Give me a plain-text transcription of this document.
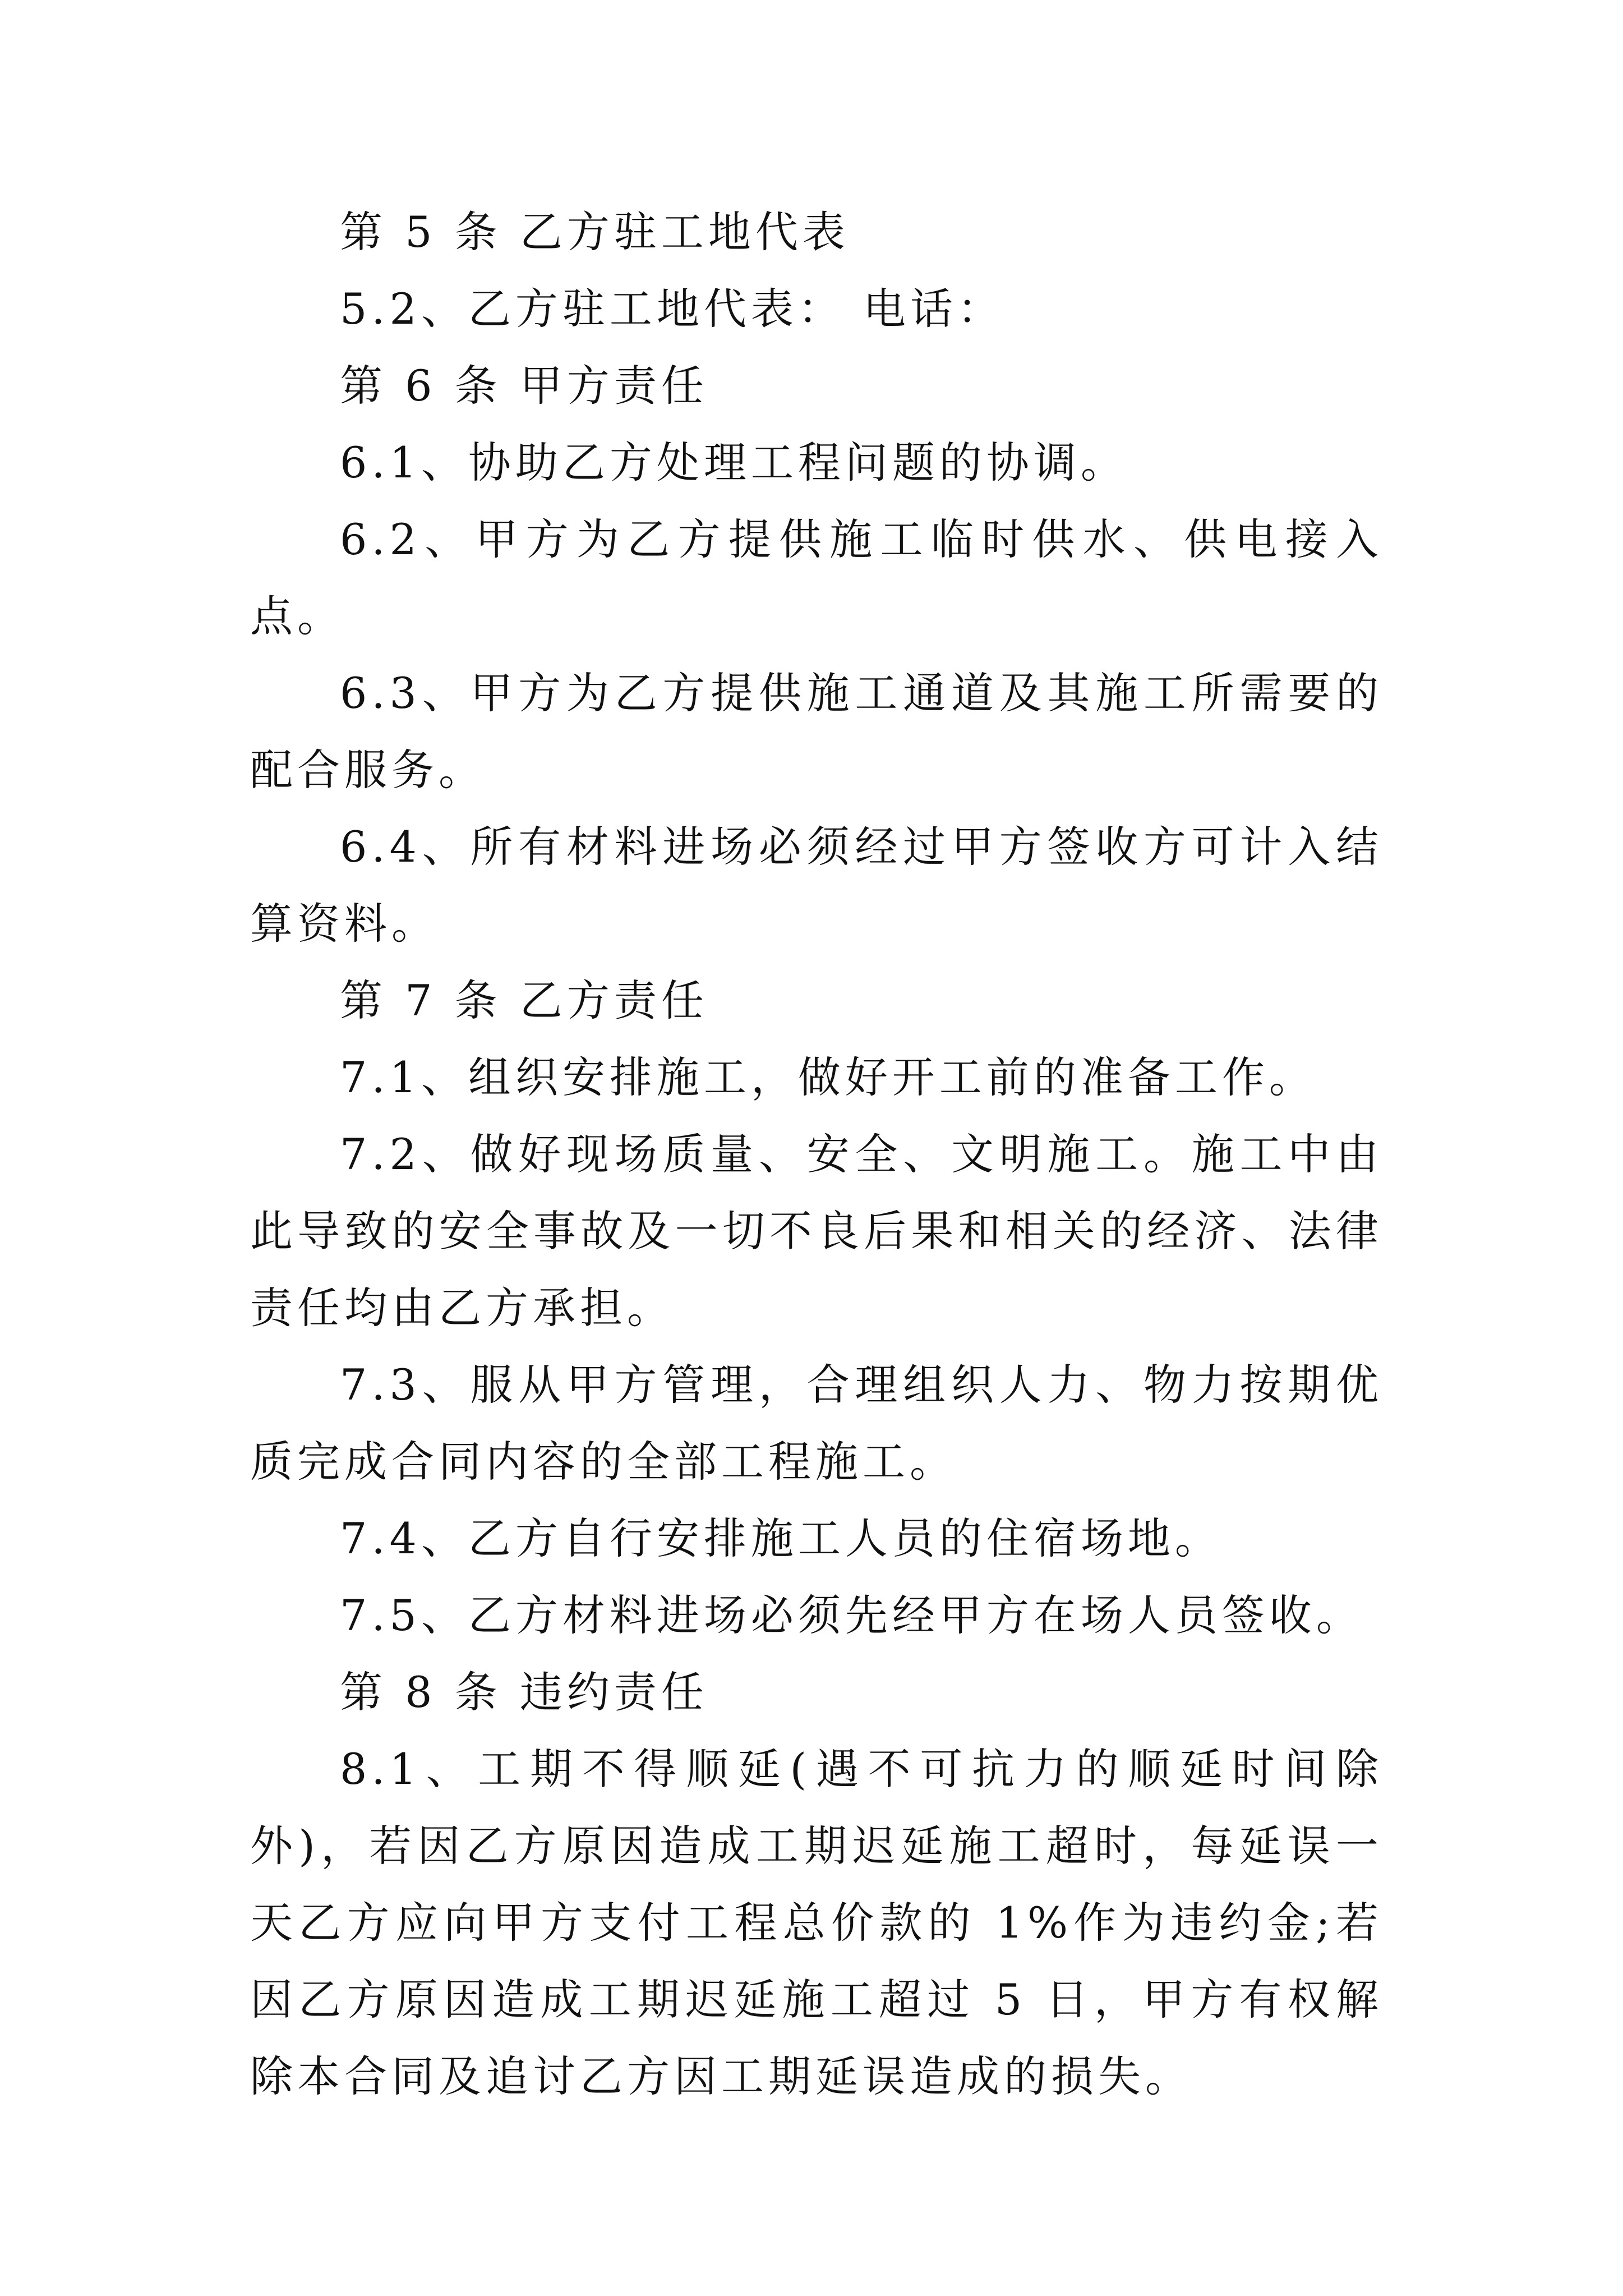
第 5 条 乙方驻工地代表

5.2、乙方驻工地代表： 电话：

第 6 条 甲方责任

6.1、协助乙方处理工程问题的协调。

6.2、甲方为乙方提供施工临时供水、供电接入点。

6.3、甲方为乙方提供施工通道及其施工所需要的配合服务。

6.4、所有材料进场必须经过甲方签收方可计入结算资料。

第 7 条 乙方责任

7.1、组织安排施工，做好开工前的准备工作。

7.2、做好现场质量、安全、文明施工。施工中由此导致的安全事故及一切不良后果和相关的经济、法律责任均由乙方承担。

7.3、服从甲方管理，合理组织人力、物力按期优质完成合同内容的全部工程施工。

7.4、乙方自行安排施工人员的住宿场地。

7.5、乙方材料进场必须先经甲方在场人员签收。

第 8 条 违约责任

8.1、工期不得顺延(遇不可抗力的顺延时间除外)，若因乙方原因造成工期迟延施工超时，每延误一天乙方应向甲方支付工程总价款的 1%作为违约金;若因乙方原因造成工期迟延施工超过 5 日，甲方有权解除本合同及追讨乙方因工期延误造成的损失。
